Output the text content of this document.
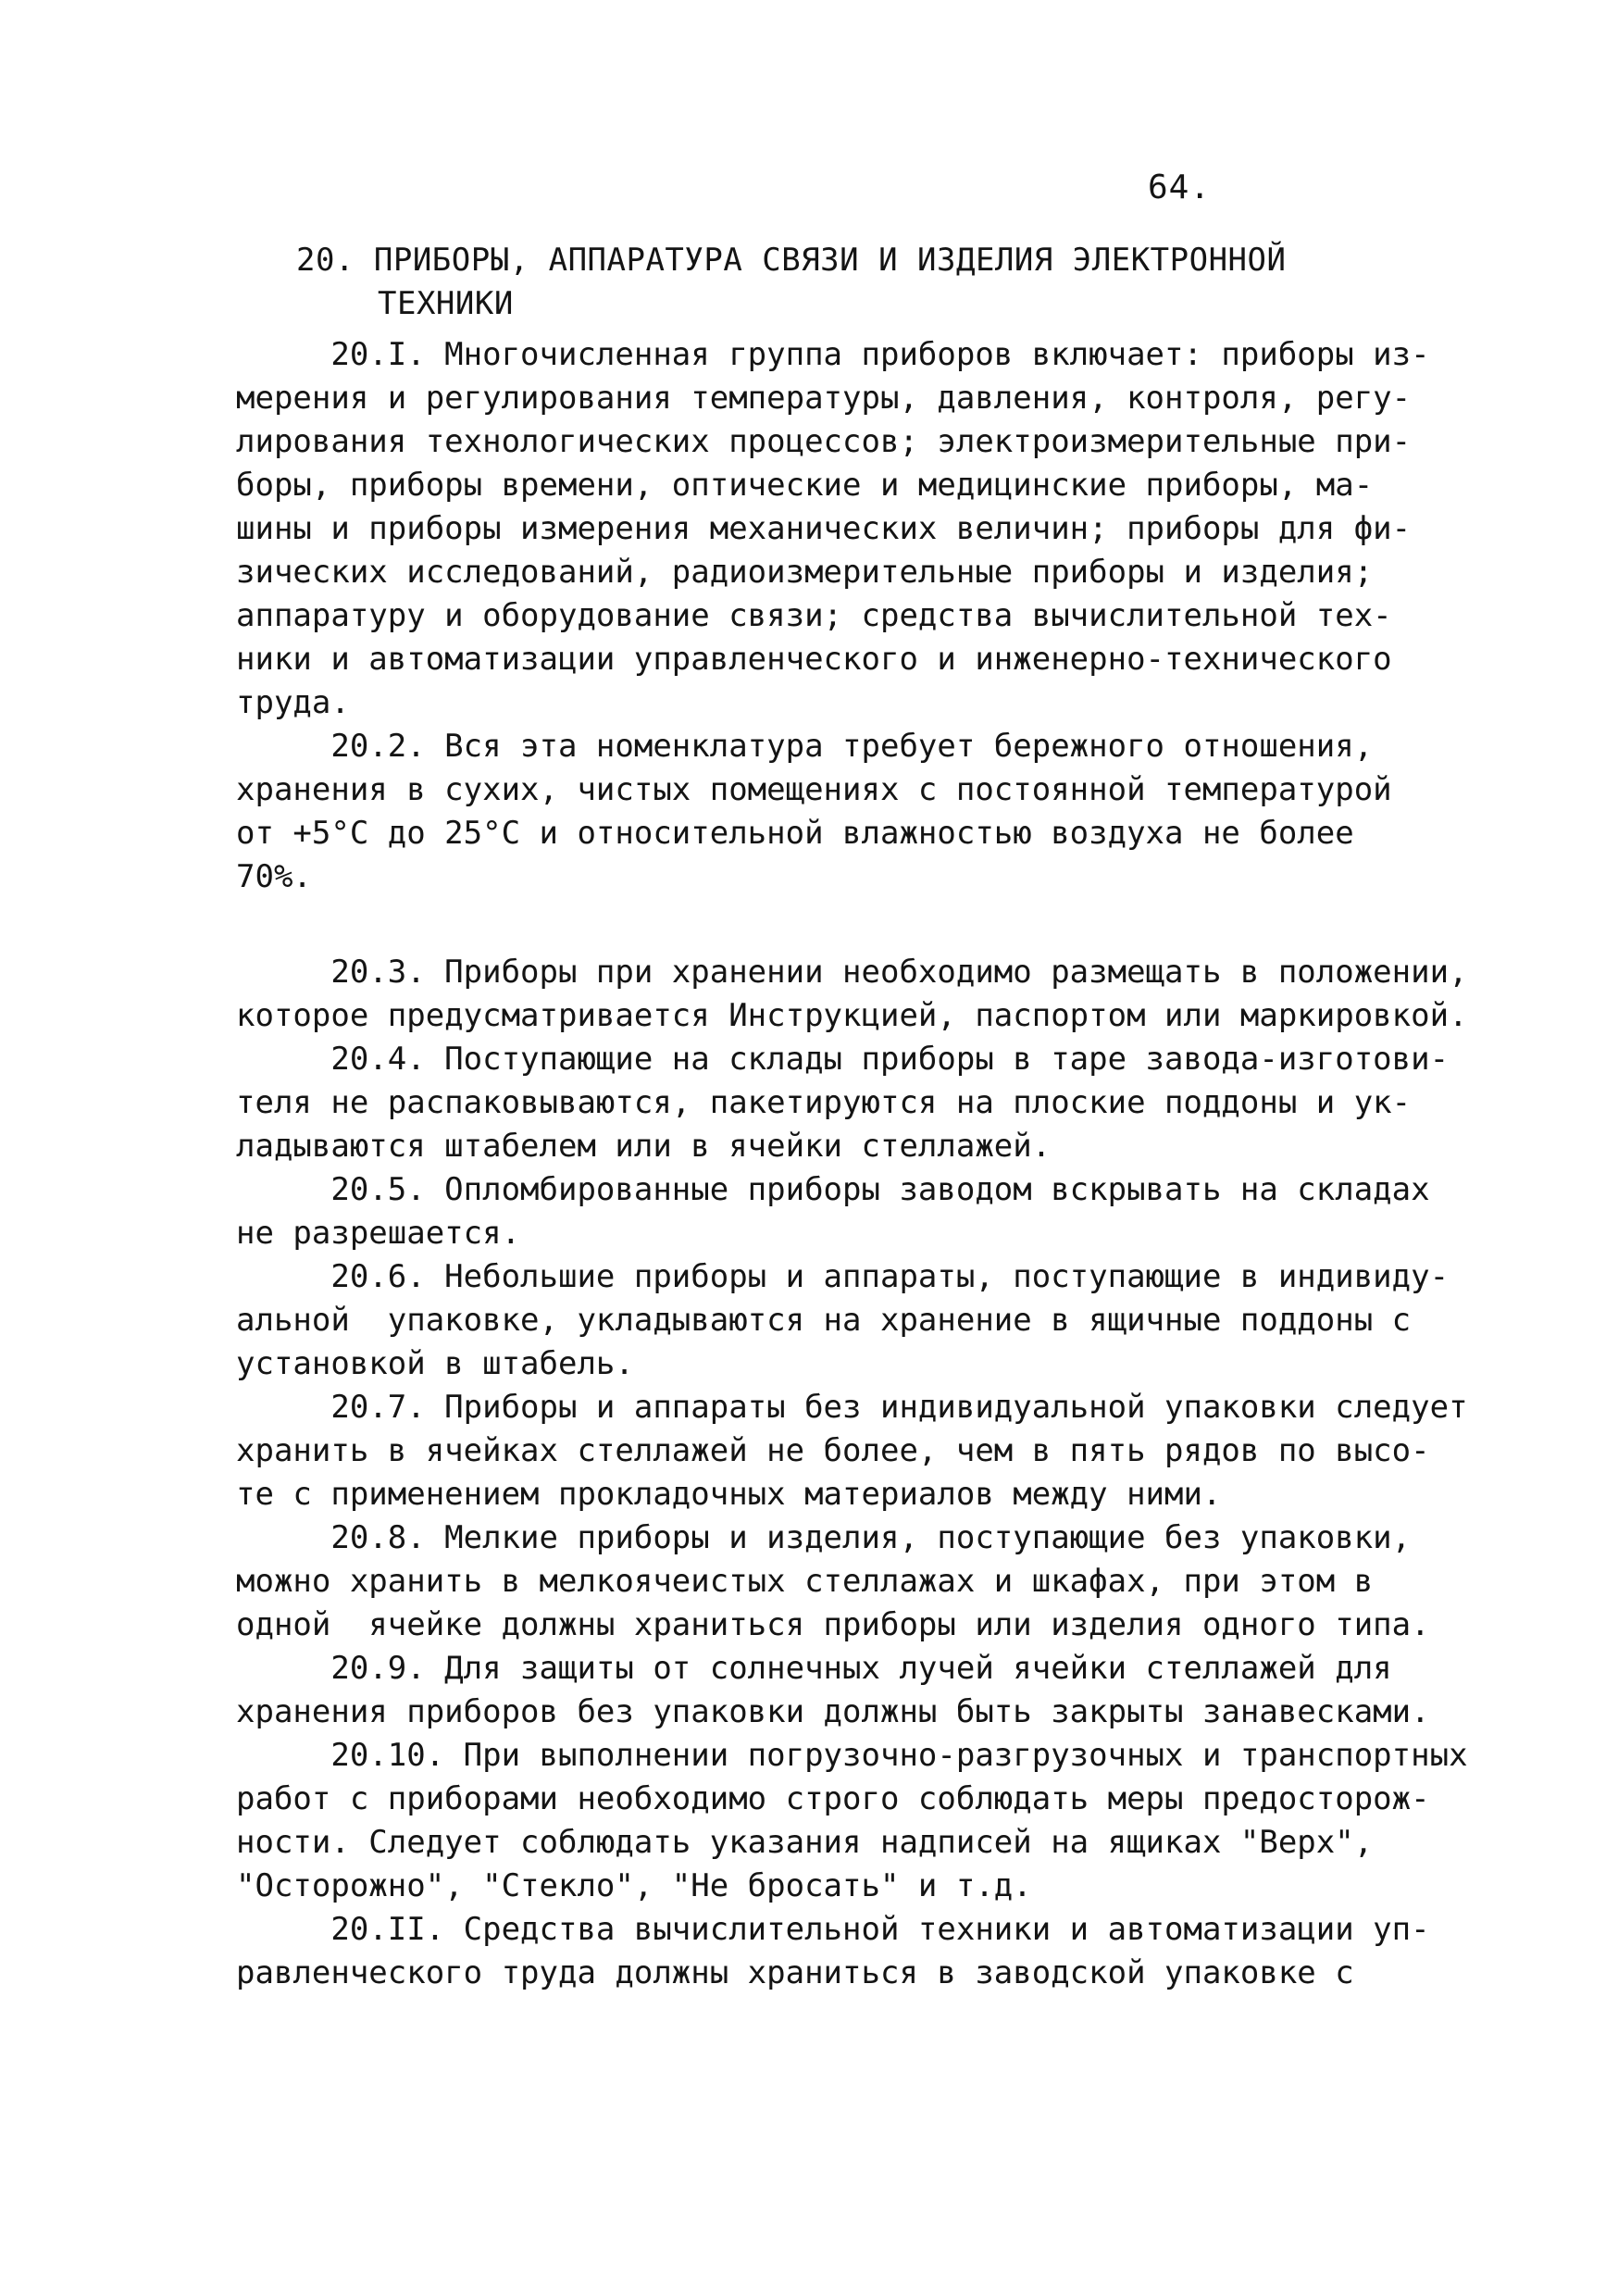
64.
20. ПРИБОРЫ, АППАРАТУРА СВЯЗИ И ИЗДЕЛИЯ ЭЛЕКТРОННОЙ
ТЕХНИКИ
20.I. Многочисленная группа приборов включает: приборы из-
мерения и регулирования температуры, давления, контроля, регу-
лирования технологических процессов; электроизмерительные при-
боры, приборы времени, оптические и медицинские приборы, ма-
шины и приборы измерения механических величин; приборы для фи-
зических исследований, радиоизмерительные приборы и изделия;
аппаратуру и оборудование связи; средства вычислительной тех-
ники и автоматизации управленческого и инженерно-технического
труда.
20.2. Вся эта номенклатура требует бережного отношения,
хранения в сухих, чистых помещениях с постоянной температурой
от +5°С до 25°С и относительной влажностью воздуха не более
70%.
20.3. Приборы при хранении необходимо размещать в положении,
которое предусматривается Инструкцией, паспортом или маркировкой.
20.4. Поступающие на склады приборы в таре завода-изготови-
теля не распаковываются, пакетируются на плоские поддоны и ук-
ладываются штабелем или в ячейки стеллажей.
20.5. Опломбированные приборы заводом вскрывать на складах
не разрешается.
20.6. Небольшие приборы и аппараты, поступающие в индивиду-
альной  упаковке, укладываются на хранение в ящичные поддоны с
установкой в штабель.
20.7. Приборы и аппараты без индивидуальной упаковки следует
хранить в ячейках стеллажей не более, чем в пять рядов по высо-
те с применением прокладочных материалов между ними.
20.8. Мелкие приборы и изделия, поступающие без упаковки,
можно хранить в мелкоячеистых стеллажах и шкафах, при этом в
одной  ячейке должны храниться приборы или изделия одного типа.
20.9. Для защиты от солнечных лучей ячейки стеллажей для
хранения приборов без упаковки должны быть закрыты занавесками.
20.10. При выполнении погрузочно-разгрузочных и транспортных
работ с приборами необходимо строго соблюдать меры предосторож-
ности. Следует соблюдать указания надписей на ящиках "Верх",
"Осторожно", "Стекло", "Не бросать" и т.д.
20.II. Средства вычислительной техники и автоматизации уп-
равленческого труда должны храниться в заводской упаковке с
